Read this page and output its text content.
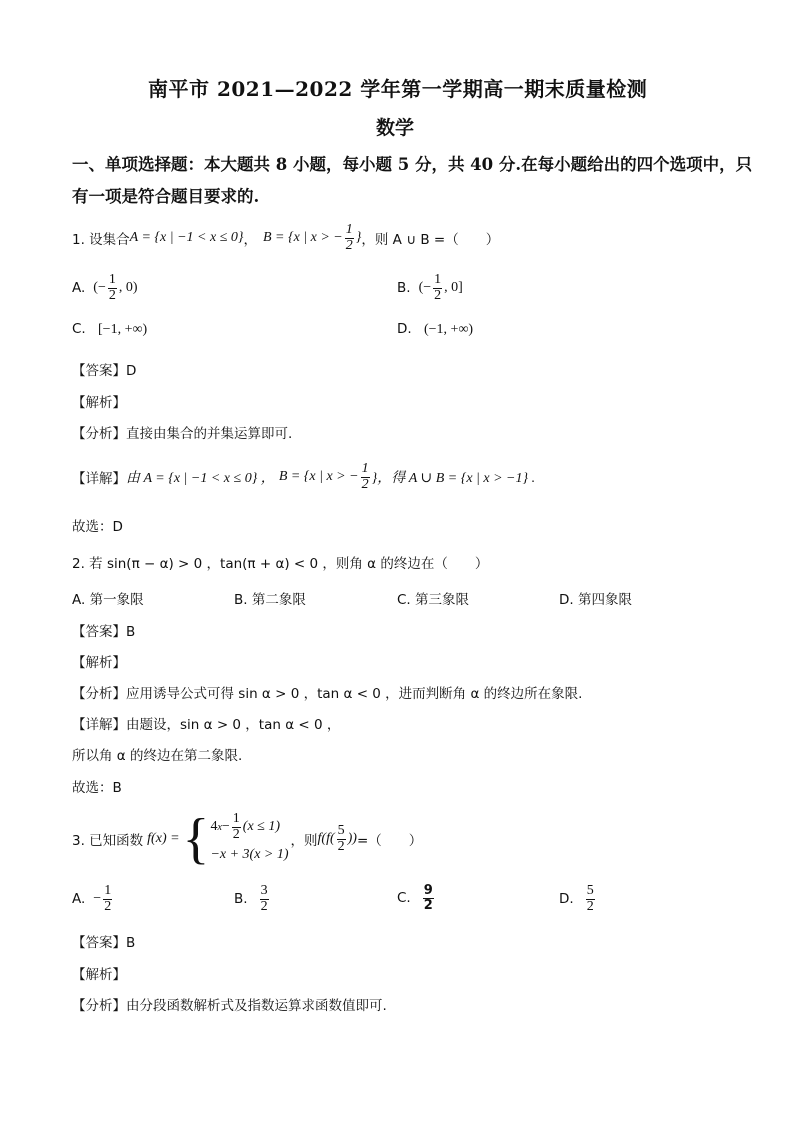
南平市 2021—2022 学年第一学期高一期末质量检测
数学
一、单项选择题：本大题共 8 小题，每小题 5 分，共 40 分.在每小题给出的四个选项中，只
有一项是符合题目要求的.
1. 设集合 A = {x | −1 < x ≤ 0} ， B = {x | x > − $\frac{1}{2}$ } ，则 A ∪ B =（　　）
A. (− $\frac{1}{2}$ , 0)	B. (− $\frac{1}{2}$ , 0]
C. [−1, +∞)	D. (−1, +∞)
【答案】D
【解析】
【分析】直接由集合的并集运算即可.
【详解】 由 A = {x | −1 < x ≤ 0} ， B = {x | x > − $\frac{1}{2}$ }，得 A ∪ B = {x | x > −1} .
故选：D
2. 若 sin(π − α) > 0 ，tan(π + α) < 0 ，则角 α 的终边在（　　）
A. 第一象限	B. 第二象限	C. 第三象限	D. 第四象限
【答案】B
【解析】
【分析】应用诱导公式可得 sin α > 0 ，tan α < 0 ，进而判断角 α 的终边所在象限.
【详解】由题设，sin α > 0 ，tan α < 0 ，
所以角 α 的终边在第二象限.
故选：B
3. 已知函数 f(x) = { 4 $x - \frac{1}{2} (x \le 1)$
−x + 3(x > 1)
，则 $f(f( \frac{5}{2}$ )) =（　　）
A. − $\frac{1}{2}$	B. $\frac{3}{2}$	C. $\frac{9}{2}$	D. $\frac{5}{2}$
【答案】B
【解析】
【分析】由分段函数解析式及指数运算求函数值即可.
